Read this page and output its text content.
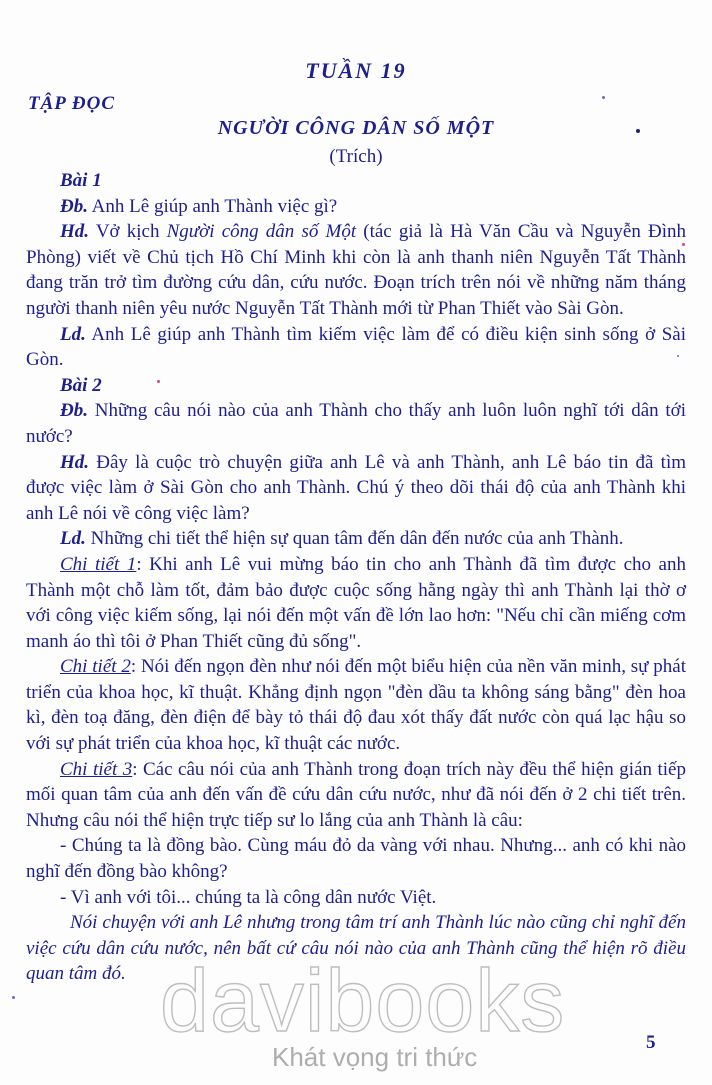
TUẦN 19
TẬP ĐỌC
NGƯỜI CÔNG DÂN SỐ MỘT
(Trích)

Bài 1

Đb. Anh Lê giúp anh Thành việc gì?

Hd. Vở kịch Người công dân số Một (tác giả là Hà Văn Cầu và Nguyễn Đình Phòng) viết về Chủ tịch Hồ Chí Minh khi còn là anh thanh niên Nguyễn Tất Thành đang trăn trở tìm đường cứu dân, cứu nước. Đoạn trích trên nói về những năm tháng người thanh niên yêu nước Nguyễn Tất Thành mới từ Phan Thiết vào Sài Gòn.

Ld. Anh Lê giúp anh Thành tìm kiếm việc làm để có điều kiện sinh sống ở Sài Gòn.

Bài 2

Đb. Những câu nói nào của anh Thành cho thấy anh luôn luôn nghĩ tới dân tới nước?

Hd. Đây là cuộc trò chuyện giữa anh Lê và anh Thành, anh Lê báo tin đã tìm được việc làm ở Sài Gòn cho anh Thành. Chú ý theo dõi thái độ của anh Thành khi anh Lê nói về công việc làm?

Ld. Những chi tiết thể hiện sự quan tâm đến dân đến nước của anh Thành.

Chi tiết 1: Khi anh Lê vui mừng báo tin cho anh Thành đã tìm được cho anh Thành một chỗ làm tốt, đảm bảo được cuộc sống hằng ngày thì anh Thành lại thờ ơ với công việc kiếm sống, lại nói đến một vấn đề lớn lao hơn: "Nếu chỉ cần miếng cơm manh áo thì tôi ở Phan Thiết cũng đủ sống".

Chi tiết 2: Nói đến ngọn đèn như nói đến một biểu hiện của nền văn minh, sự phát triển của khoa học, kĩ thuật. Khẳng định ngọn "đèn dầu ta không sáng bằng" đèn hoa kì, đèn toạ đăng, đèn điện để bày tỏ thái độ đau xót thấy đất nước còn quá lạc hậu so với sự phát triển của khoa học, kĩ thuật các nước.

Chi tiết 3: Các câu nói của anh Thành trong đoạn trích này đều thể hiện gián tiếp mối quan tâm của anh đến vấn đề cứu dân cứu nước, như đã nói đến ở 2 chi tiết trên. Nhưng câu nói thể hiện trực tiếp sư lo lắng của anh Thành là câu:

- Chúng ta là đồng bào. Cùng máu đỏ da vàng với nhau. Nhưng... anh có khi nào nghĩ đến đồng bào không?

- Vì anh với tôi... chúng ta là công dân nước Việt.

Nói chuyện với anh Lê nhưng trong tâm trí anh Thành lúc nào cũng chỉ nghĩ đến việc cứu dân cứu nước, nên bất cứ câu nói nào của anh Thành cũng thể hiện rõ điều quan tâm đó. davibooks
Khát vọng tri thức	5
